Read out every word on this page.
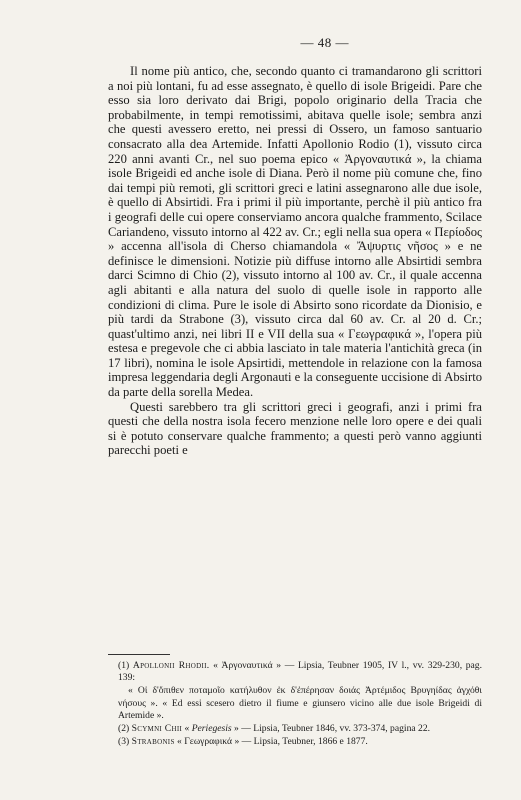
— 48 —

Il nome più antico, che, secondo quanto ci tramandarono gli scrittori a noi più lontani, fu ad esse assegnato, è quello di isole Brigeidi. Pare che esso sia loro derivato dai Brigi, popolo originario della Tracia che probabilmente, in tempi remotissimi, abitava quelle isole; sembra anzi che questi avessero eretto, nei pressi di Ossero, un famoso santuario consacrato alla dea Artemide. Infatti Apollonio Rodio (1), vissuto circa 220 anni avanti Cr., nel suo poema epico « Ἀργοναυτικά », la chiama isole Brigeidi ed anche isole di Diana. Però il nome più comune che, fino dai tempi più remoti, gli scrittori greci e latini assegnarono alle due isole, è quello di Absirtidi. Fra i primi il più importante, perchè il più antico fra i geografi delle cui opere conserviamo ancora qualche frammento, Scilace Cariandeno, vissuto intorno al 422 av. Cr.; egli nella sua opera « Περίοδος » accenna all'isola di Cherso chiamandola « Ἄψυρτις νῆσος » e ne definisce le dimensioni. Notizie più diffuse intorno alle Absirtidi sembra darci Scimno di Chio (2), vissuto intorno al 100 av. Cr., il quale accenna agli abitanti e alla natura del suolo di quelle isole in rapporto alle condizioni di clima. Pure le isole di Absirto sono ricordate da Dionisio, e più tardi da Strabone (3), vissuto circa dal 60 av. Cr. al 20 d. Cr.; quast'ultimo anzi, nei libri II e VII della sua « Γεωγραφικά », l'opera più estesa e pregevole che ci abbia lasciato in tale materia l'antichità greca (in 17 libri), nomina le isole Apsirtidi, mettendole in relazione con la famosa impresa leggendaria degli Argonauti e la conseguente uccisione di Absirto da parte della sorella Medea.

Questi sarebbero tra gli scrittori greci i geografi, anzi i primi fra questi che della nostra isola fecero menzione nelle loro opere e dei quali si è potuto conservare qualche frammento; a questi però vanno aggiunti parecchi poeti e

(1) Apollonii Rhodii. « Ἀργοναυτικά » — Lipsia, Teubner 1905, IV l., vv. 329-230, pag. 139:

« Οἱ δ'ὄπιθεν ποταμοῖο κατήλυθον ἐκ δ'ἐπέρησαν δοιάς Ἀρτέμιδος Βρυγηίδας ἀγχόθι νήσους ». « Ed essi scesero dietro il fiume e giunsero vicino alle due isole Brigeidi di Artemide ».

(2) Scymni Chii « Periegesis » — Lipsia, Teubner 1846, vv. 373-374, pagina 22.

(3) Strabonis « Γεωγραφικά » — Lipsia, Teubner, 1866 e 1877.
